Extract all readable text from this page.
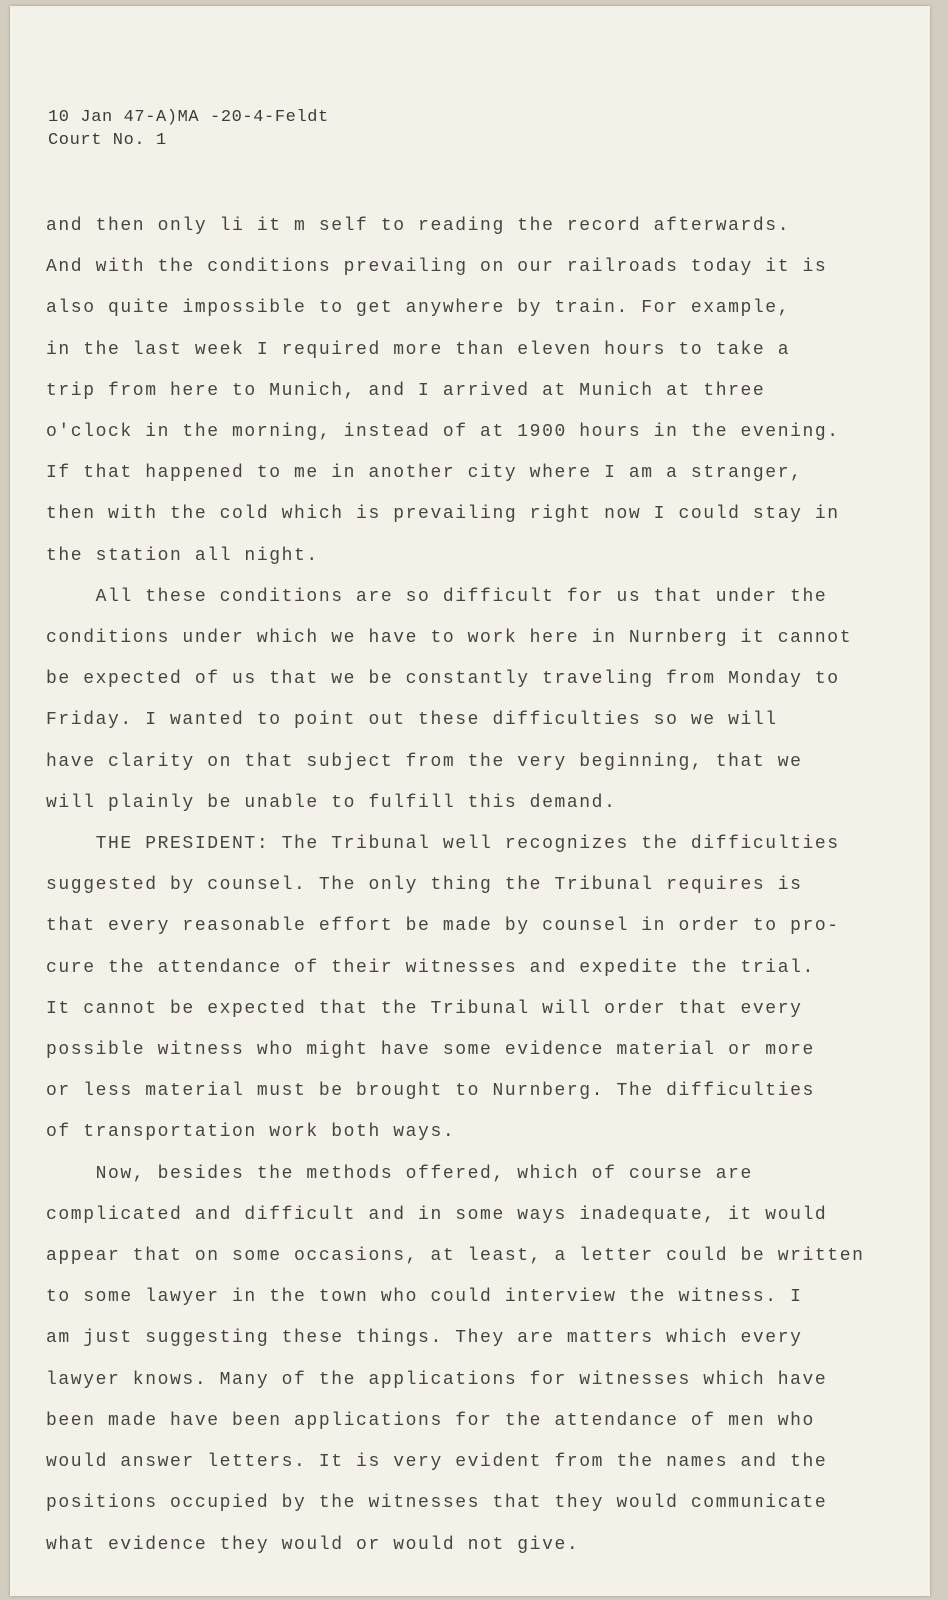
10 Jan 47-A)MA -20-4-Feldt
Court No. 1
and then only li it m self to reading the record afterwards.
And with the conditions prevailing on our railroads today it is
also quite impossible to get anywhere by train. For example,
in the last week I required more than eleven hours to take a
trip from here to Munich, and I arrived at Munich at three
o'clock in the morning, instead of at 1900 hours in the evening.
If that happened to me in another city where I am a stranger,
then with the cold which is prevailing right now I could stay in
the station all night.
All these conditions are so difficult for us that under the
conditions under which we have to work here in Nurnberg it cannot
be expected of us that we be constantly traveling from Monday to
Friday. I wanted to point out these difficulties so we will
have clarity on that subject from the very beginning, that we
will plainly be unable to fulfill this demand.
THE PRESIDENT: The Tribunal well recognizes the difficulties
suggested by counsel. The only thing the Tribunal requires is
that every reasonable effort be made by counsel in order to pro-
cure the attendance of their witnesses and expedite the trial.
It cannot be expected that the Tribunal will order that every
possible witness who might have some evidence material or more
or less material must be brought to Nurnberg. The difficulties
of transportation work both ways.
Now, besides the methods offered, which of course are
complicated and difficult and in some ways inadequate, it would
appear that on some occasions, at least, a letter could be written
to some lawyer in the town who could interview the witness. I
am just suggesting these things. They are matters which every
lawyer knows. Many of the applications for witnesses which have
been made have been applications for the attendance of men who
would answer letters. It is very evident from the names and the
positions occupied by the witnesses that they would communicate
what evidence they would or would not give.
